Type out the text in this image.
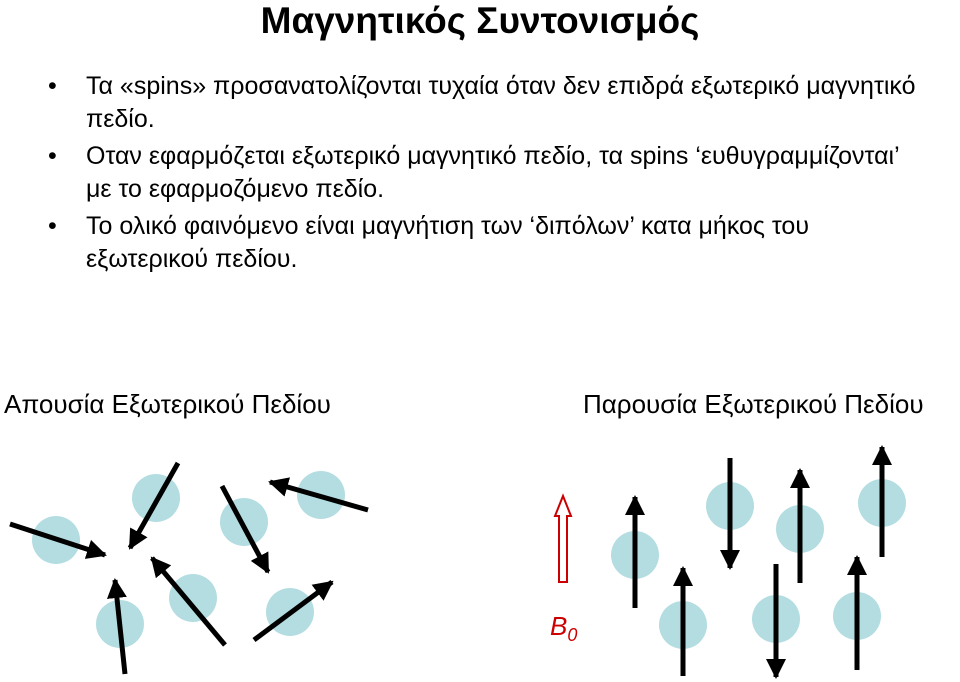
Μαγνητικός Συντονισμός
• Τα «spins» προσανατολίζονται τυχαία όταν δεν επιδρά εξωτερικό μαγνητικό πεδίο.
• Οταν εφαρμόζεται εξωτερικό μαγνητικό πεδίο, τα spins ‘ευθυγραμμίζονται’ με το εφαρμοζόμενο πεδίο.
• Το ολικό φαινόμενο είναι μαγνήτιση των ‘διπόλων’ κατα μήκος του εξωτερικού πεδίου.
Απουσία Εξωτερικού Πεδίου	Παρουσία Εξωτερικού Πεδίου
$B_0$
